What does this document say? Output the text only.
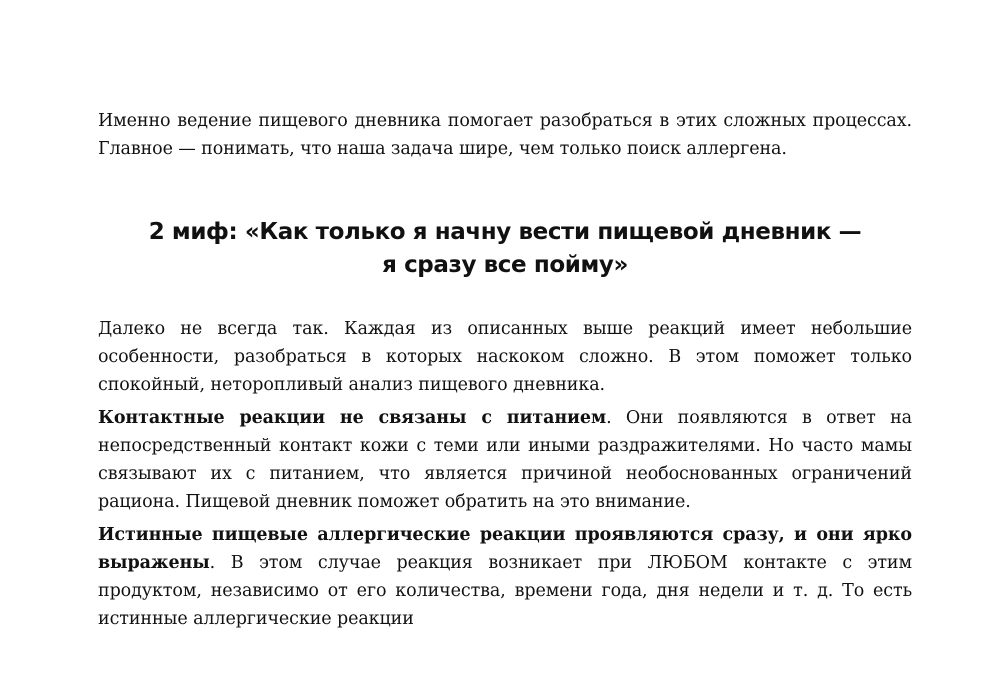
Именно ведение пищевого дневника помогает разобраться в этих сложных процессах. Главное — понимать, что наша задача шире, чем только поиск аллергена.

2 миф: «Как только я начну вести пищевой дневник —
я сразу все пойму»

Далеко не всегда так. Каждая из описанных выше реакций имеет небольшие особенности, разобраться в которых наскоком сложно. В этом поможет только спокойный, неторопливый анализ пищевого дневника.

Контактные реакции не связаны с питанием. Они появляются в ответ на непосредственный контакт кожи с теми или иными раздражителями. Но часто мамы связывают их с питанием, что является причиной необоснованных ограничений рациона. Пищевой дневник поможет обратить на это внимание.

Истинные пищевые аллергические реакции проявляются сразу, и они ярко выражены. В этом случае реакция возникает при ЛЮБОМ контакте с этим продуктом, независимо от его количества, времени года, дня недели и т. д. То есть истинные аллергические реакции
